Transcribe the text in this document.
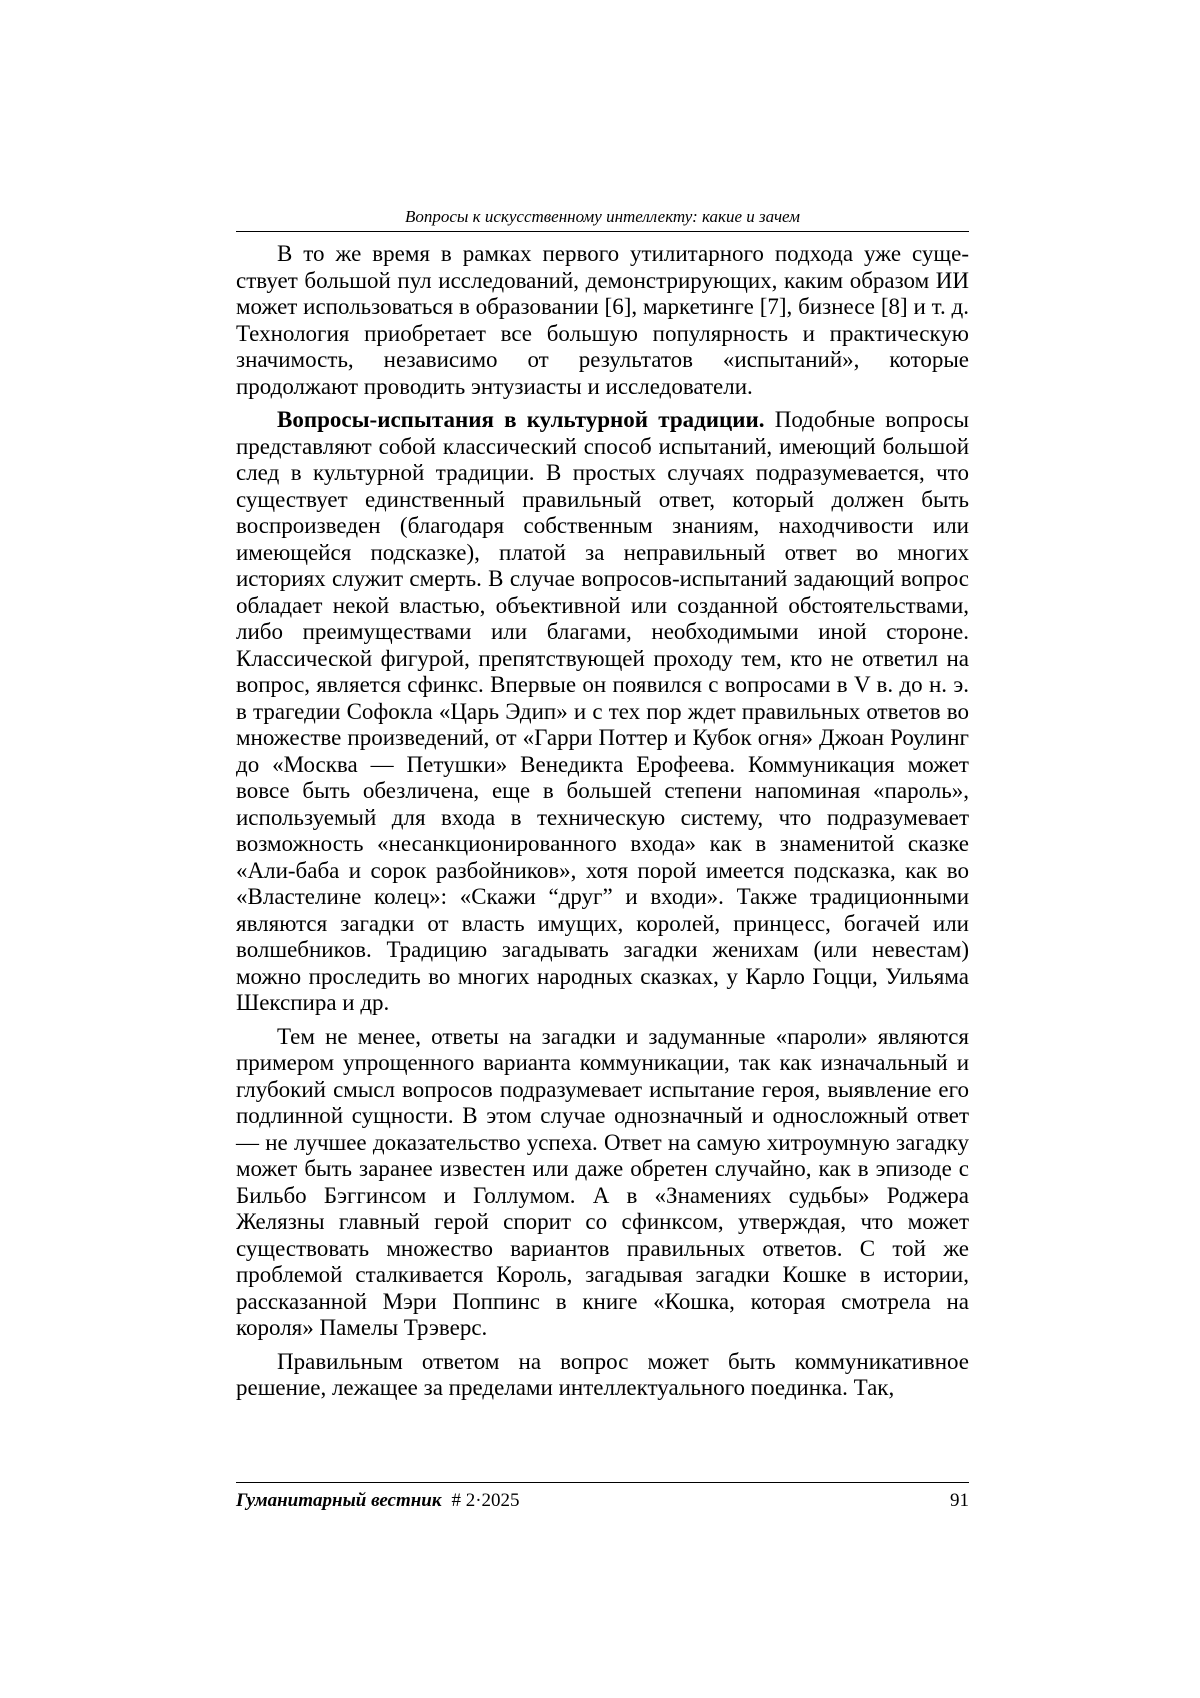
Вопросы к искусственному интеллекту: какие и зачем

В то же время в рамках первого утилитарного подхода уже существует большой пул исследований, демонстрирующих, каким образом ИИ может использоваться в образовании [6], маркетинге [7], бизнесе [8] и т. д. Технология приобретает все большую популярность и практическую значимость, независимо от результатов «испытаний», которые продолжают проводить энтузиасты и исследователи.

Вопросы-испытания в культурной традиции. Подобные вопросы представляют собой классический способ испытаний, имеющий большой след в культурной традиции. В простых случаях подразумевается, что существует единственный правильный ответ, который должен быть воспроизведен (благодаря собственным знаниям, находчивости или имеющейся подсказке), платой за неправильный ответ во многих историях служит смерть. В случае вопросов-испытаний задающий вопрос обладает некой властью, объективной или созданной обстоятельствами, либо преимуществами или благами, необходимыми иной стороне. Классической фигурой, препятствующей проходу тем, кто не ответил на вопрос, является сфинкс. Впервые он появился с вопросами в V в. до н. э. в трагедии Софокла «Царь Эдип» и с тех пор ждет правильных ответов во множестве произведений, от «Гарри Поттер и Кубок огня» Джоан Роулинг до «Москва — Петушки» Венедикта Ерофеева. Коммуникация может вовсе быть обезличена, еще в большей степени напоминая «пароль», используемый для входа в техническую систему, что подразумевает возможность «несанкционированного входа» как в знаменитой сказке «Али-баба и сорок разбойников», хотя порой имеется подсказка, как во «Властелине колец»: «Скажи “друг” и входи». Также традиционными являются загадки от власть имущих, королей, принцесс, богачей или волшебников. Традицию загадывать загадки женихам (или невестам) можно проследить во многих народных сказках, у Карло Гоцци, Уильяма Шекспира и др.

Тем не менее, ответы на загадки и задуманные «пароли» являются примером упрощенного варианта коммуникации, так как изначальный и глубокий смысл вопросов подразумевает испытание героя, выявление его подлинной сущности. В этом случае однозначный и односложный ответ — не лучшее доказательство успеха. Ответ на самую хитроумную загадку может быть заранее известен или даже обретен случайно, как в эпизоде с Бильбо Бэггинсом и Голлумом. А в «Знамениях судьбы» Роджера Желязны главный герой спорит со сфинксом, утверждая, что может существовать множество вариантов правильных ответов. С той же проблемой сталкивается Король, загадывая загадки Кошке в истории, рассказанной Мэри Поппинс в книге «Кошка, которая смотрела на короля» Памелы Трэверс.

Правильным ответом на вопрос может быть коммуникативное решение, лежащее за пределами интеллектуального поединка. Так,

Гуманитарный вестник # 2·2025	91
